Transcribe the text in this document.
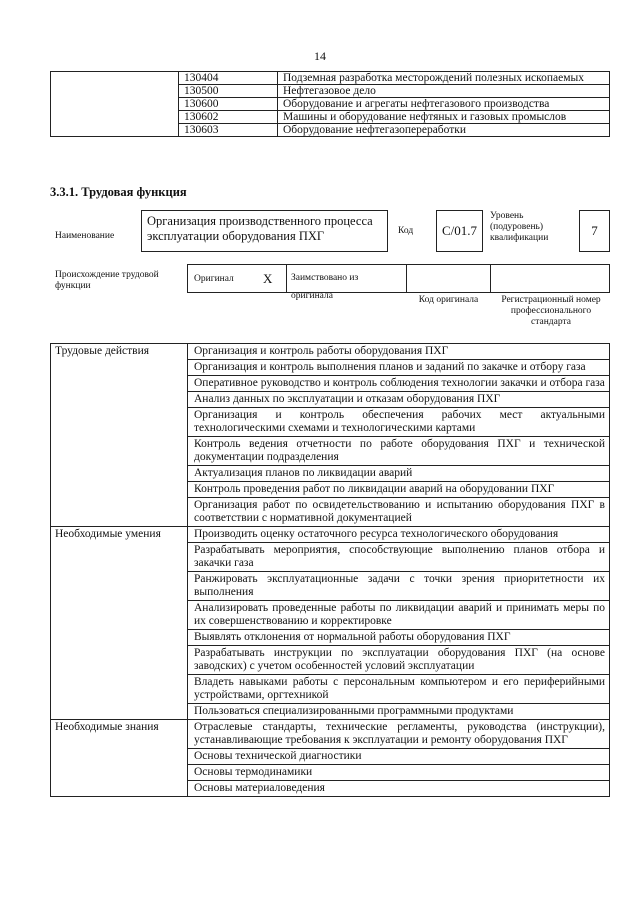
14
	130404	Подземная разработка месторождений полезных ископаемых
	130500	Нефтегазовое дело
	130600	Оборудование и агрегаты нефтегазового производства
	130602	Машины и оборудование нефтяных и газовых промыслов
	130603	Оборудование нефтегазопереработки
3.3.1. Трудовая функция
Наименование
Организация производственного процесса эксплуатации оборудования ПХГ	Код	С/01.7
Уровень (подуровень) квалификации	7
Происхождение трудовой функции
Оригинал X	Заимствовано из оригинала	Код оригинала	Регистрационный номер профессионального стандарта
Трудовые действия	Организация и контроль работы оборудования ПХГ
	Организация и контроль выполнения планов и заданий по закачке и отбору газа
	Оперативное руководство и контроль соблюдения технологии закачки и отбора газа
	Анализ данных по эксплуатации и отказам оборудования ПХГ
	Организация и контроль обеспечения рабочих мест актуальными технологическими схемами и технологическими картами
	Контроль ведения отчетности по работе оборудования ПХГ и технической документации подразделения
	Актуализация планов по ликвидации аварий
	Контроль проведения работ по ликвидации аварий на оборудовании ПХГ
	Организация работ по освидетельствованию и испытанию оборудования ПХГ в соответствии с нормативной документацией
Необходимые умения	Производить оценку остаточного ресурса технологического оборудования
	Разрабатывать мероприятия, способствующие выполнению планов отбора и закачки газа
	Ранжировать эксплуатационные задачи с точки зрения приоритетности их выполнения
	Анализировать проведенные работы по ликвидации аварий и принимать меры по их совершенствованию и корректировке
	Выявлять отклонения от нормальной работы оборудования ПХГ
	Разрабатывать инструкции по эксплуатации оборудования ПХГ (на основе заводских) с учетом особенностей условий эксплуатации
	Владеть навыками работы с персональным компьютером и его периферийными устройствами, оргтехникой
	Пользоваться специализированными программными продуктами
Необходимые знания	Отраслевые стандарты, технические регламенты, руководства (инструкции), устанавливающие требования к эксплуатации и ремонту оборудования ПХГ
	Основы технической диагностики
	Основы термодинамики
	Основы материаловедения
